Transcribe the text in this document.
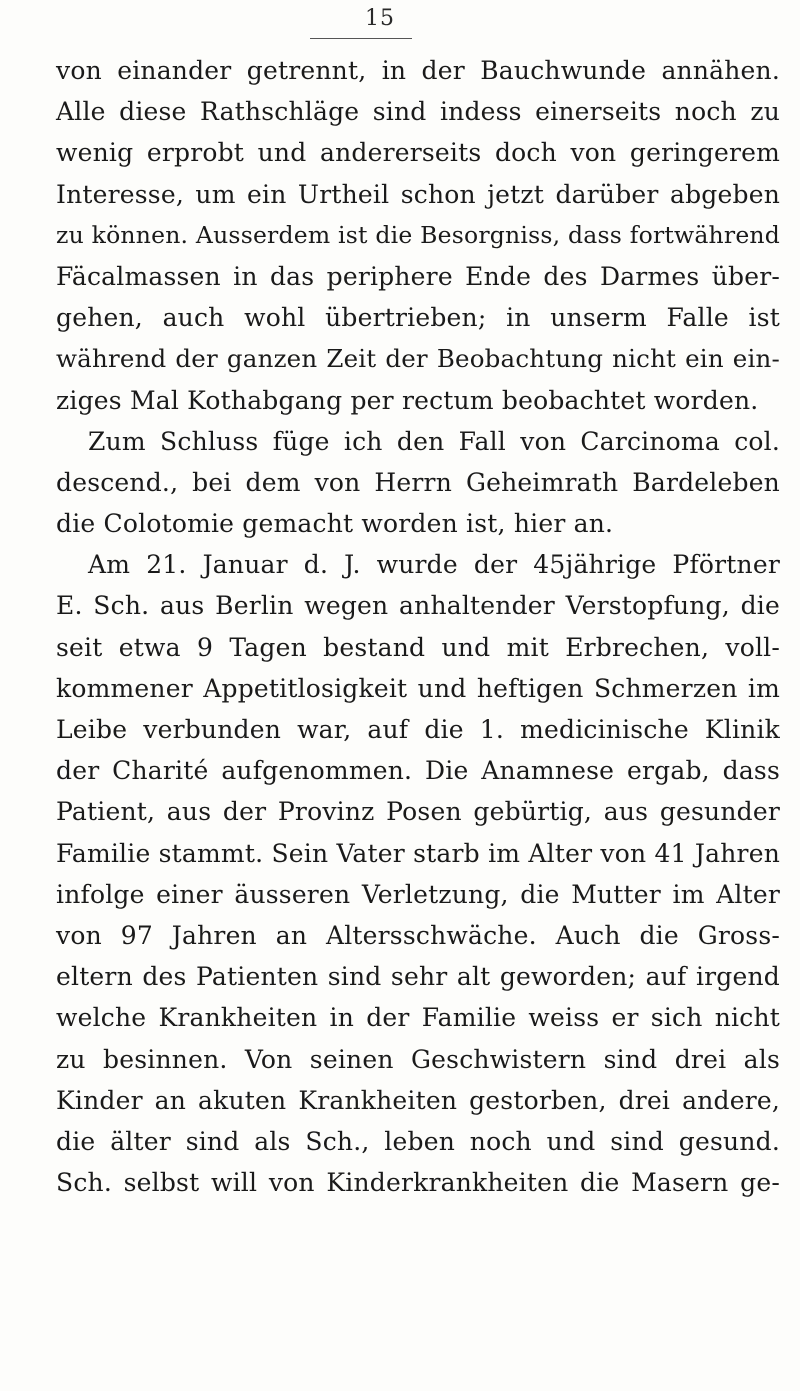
15
von einander getrennt, in der Bauchwunde annähen.
Alle diese Rathschläge sind indess einerseits noch zu
wenig erprobt und andererseits doch von geringerem
Interesse, um ein Urtheil schon jetzt darüber abgeben
zu können. Ausserdem ist die Besorgniss, dass fortwährend
Fäcalmassen in das periphere Ende des Darmes über-
gehen, auch wohl übertrieben; in unserm Falle ist
während der ganzen Zeit der Beobachtung nicht ein ein-
ziges Mal Kothabgang per rectum beobachtet worden.
Zum Schluss füge ich den Fall von Carcinoma col.
descend., bei dem von Herrn Geheimrath Bardeleben
die Colotomie gemacht worden ist, hier an.
Am 21. Januar d. J. wurde der 45jährige Pförtner
E. Sch. aus Berlin wegen anhaltender Verstopfung, die
seit etwa 9 Tagen bestand und mit Erbrechen, voll-
kommener Appetitlosigkeit und heftigen Schmerzen im
Leibe verbunden war, auf die 1. medicinische Klinik
der Charité aufgenommen. Die Anamnese ergab, dass
Patient, aus der Provinz Posen gebürtig, aus gesunder
Familie stammt. Sein Vater starb im Alter von 41 Jahren
infolge einer äusseren Verletzung, die Mutter im Alter
von 97 Jahren an Altersschwäche. Auch die Gross-
eltern des Patienten sind sehr alt geworden; auf irgend
welche Krankheiten in der Familie weiss er sich nicht
zu besinnen. Von seinen Geschwistern sind drei als
Kinder an akuten Krankheiten gestorben, drei andere,
die älter sind als Sch., leben noch und sind gesund.
Sch. selbst will von Kinderkrankheiten die Masern ge-
